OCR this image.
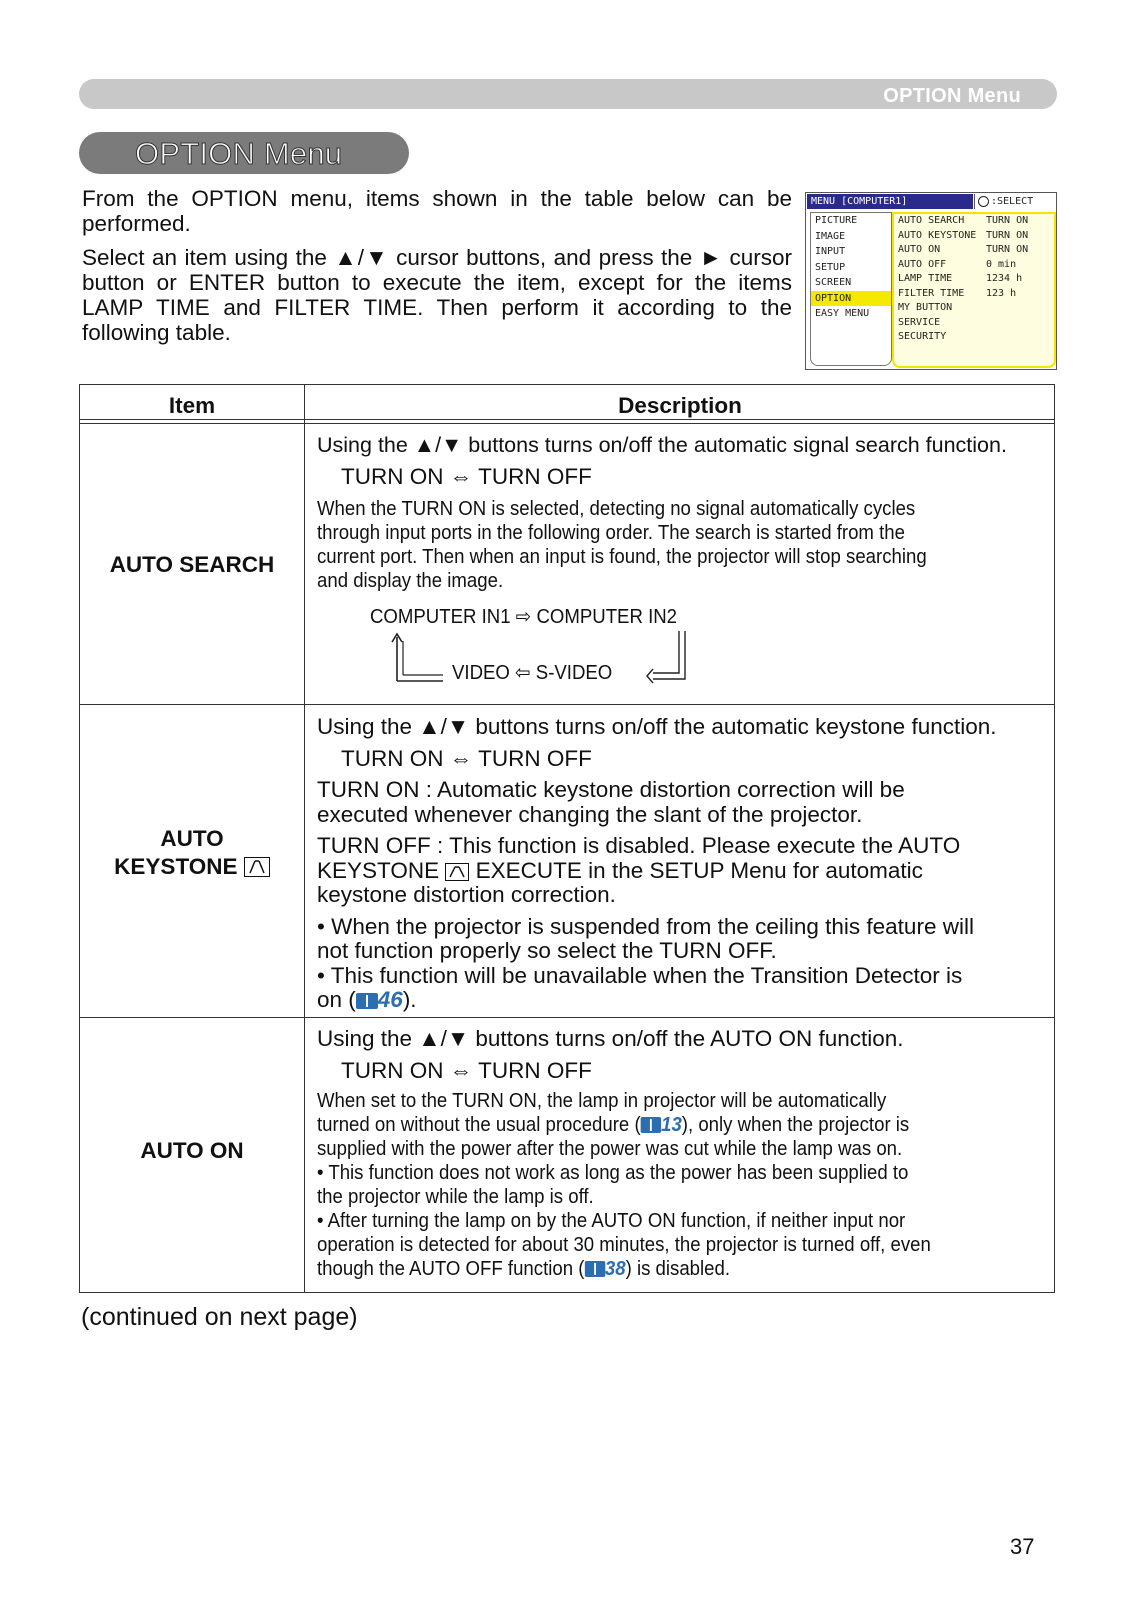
OPTION Menu
OPTION Menu

From the OPTION menu, items shown in the table below can be performed.

Select an item using the ▲/▼ cursor buttons, and press the ► cursor button or ENTER button to execute the item, except for the items LAMP TIME and FILTER TIME. Then perform it according to the following table.

MENU [COMPUTER1]	:SELECT
PICTURE
IMAGE
INPUT
SETUP
SCREEN
OPTION
EASY MENU
AUTO SEARCH TURN ON
AUTO KEYSTONE TURN ON
AUTO ON	TURN ON
AUTO OFF	0 min
LAMP TIME	1234 h
FILTER TIME 123 h
MY BUTTON
SERVICE
SECURITY
Item	Description
AUTO SEARCH
Using the ▲/▼ buttons turns on/off the automatic signal search function.
TURN ON ⇔ TURN OFF
When the TURN ON is selected, detecting no signal automatically cycles
through input ports in the following order. The search is started from the
current port. Then when an input is found, the projector will stop searching
and display the image.
COMPUTER IN1 ⇨ COMPUTER IN2
VIDEO ⇦ S-VIDEO
AUTO
KEYSTONE
Using the ▲/▼ buttons turns on/off the automatic keystone function.
TURN ON ⇔ TURN OFF
TURN ON : Automatic keystone distortion correction will be
executed whenever changing the slant of the projector.
TURN OFF : This function is disabled. Please execute the AUTO
KEYSTONE EXECUTE in the SETUP Menu for automatic
keystone distortion correction.
• When the projector is suspended from the ceiling this feature will
not function properly so select the TURN OFF.
• This function will be unavailable when the Transition Detector is
on ( 46).
AUTO ON
Using the ▲/▼ buttons turns on/off the AUTO ON function.
TURN ON ⇔ TURN OFF
When set to the TURN ON, the lamp in projector will be automatically
turned on without the usual procedure ( 13), only when the projector is
supplied with the power after the power was cut while the lamp was on.
• This function does not work as long as the power has been supplied to
the projector while the lamp is off.
• After turning the lamp on by the AUTO ON function, if neither input nor
operation is detected for about 30 minutes, the projector is turned off, even
though the AUTO OFF function ( 38) is disabled.
(continued on next page)
37
